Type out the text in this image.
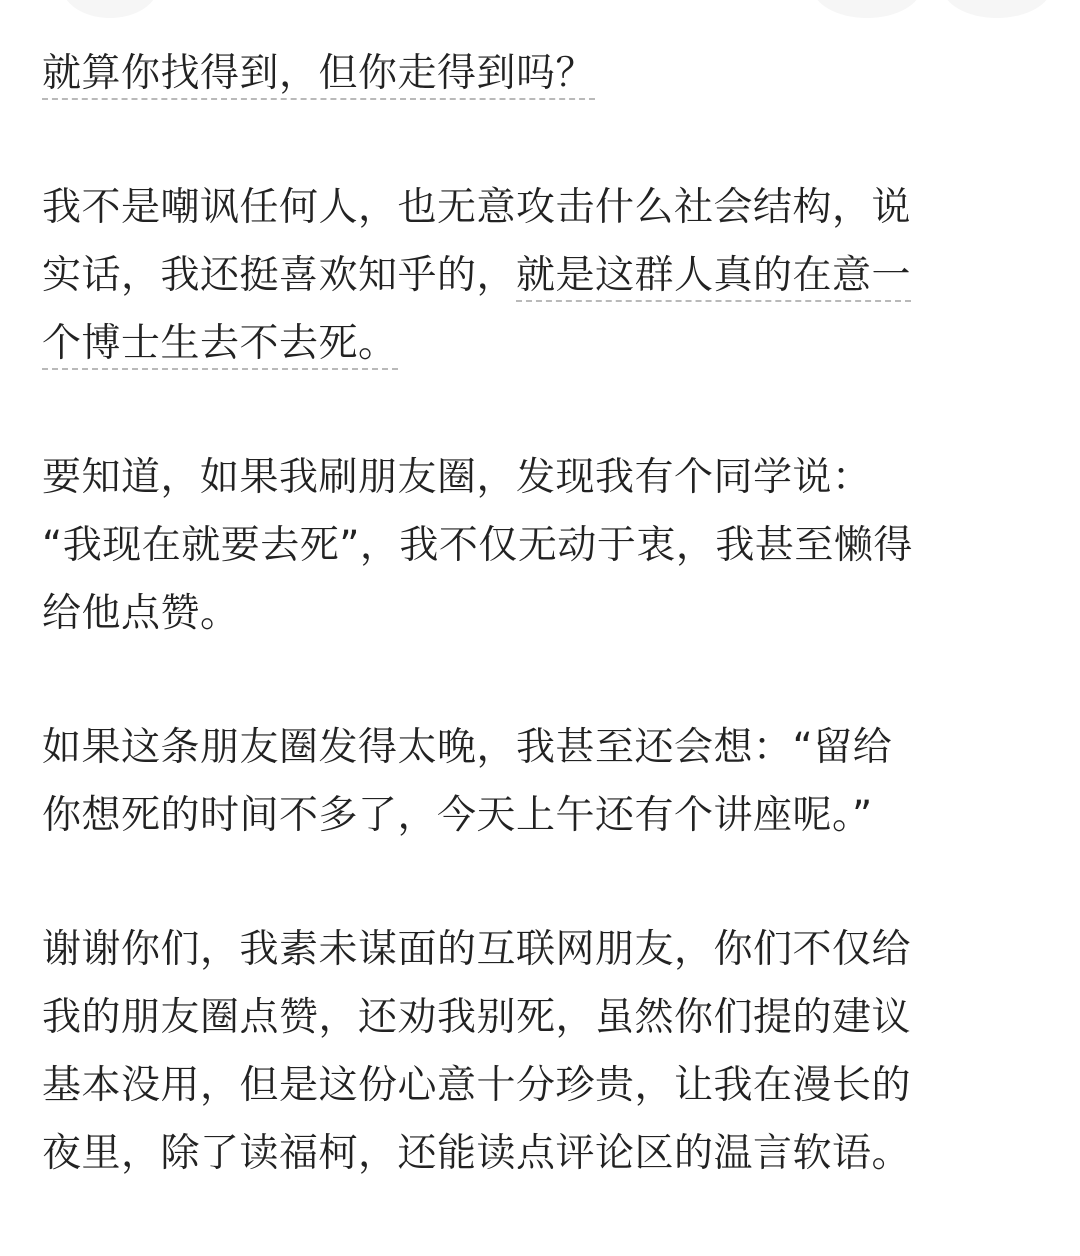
就算你找得到，但你走得到吗？

我不是嘲讽任何人，也无意攻击什么社会结构，说
实话，我还挺喜欢知乎的，就是这群人真的在意一
个博士生去不去死。

要知道，如果我刷朋友圈，发现我有个同学说：
“我现在就要去死”，我不仅无动于衷，我甚至懒得
给他点赞。

如果这条朋友圈发得太晚，我甚至还会想：“留给
你想死的时间不多了，今天上午还有个讲座呢。”

谢谢你们，我素未谋面的互联网朋友，你们不仅给
我的朋友圈点赞，还劝我别死，虽然你们提的建议
基本没用，但是这份心意十分珍贵，让我在漫长的
夜里，除了读福柯，还能读点评论区的温言软语。
